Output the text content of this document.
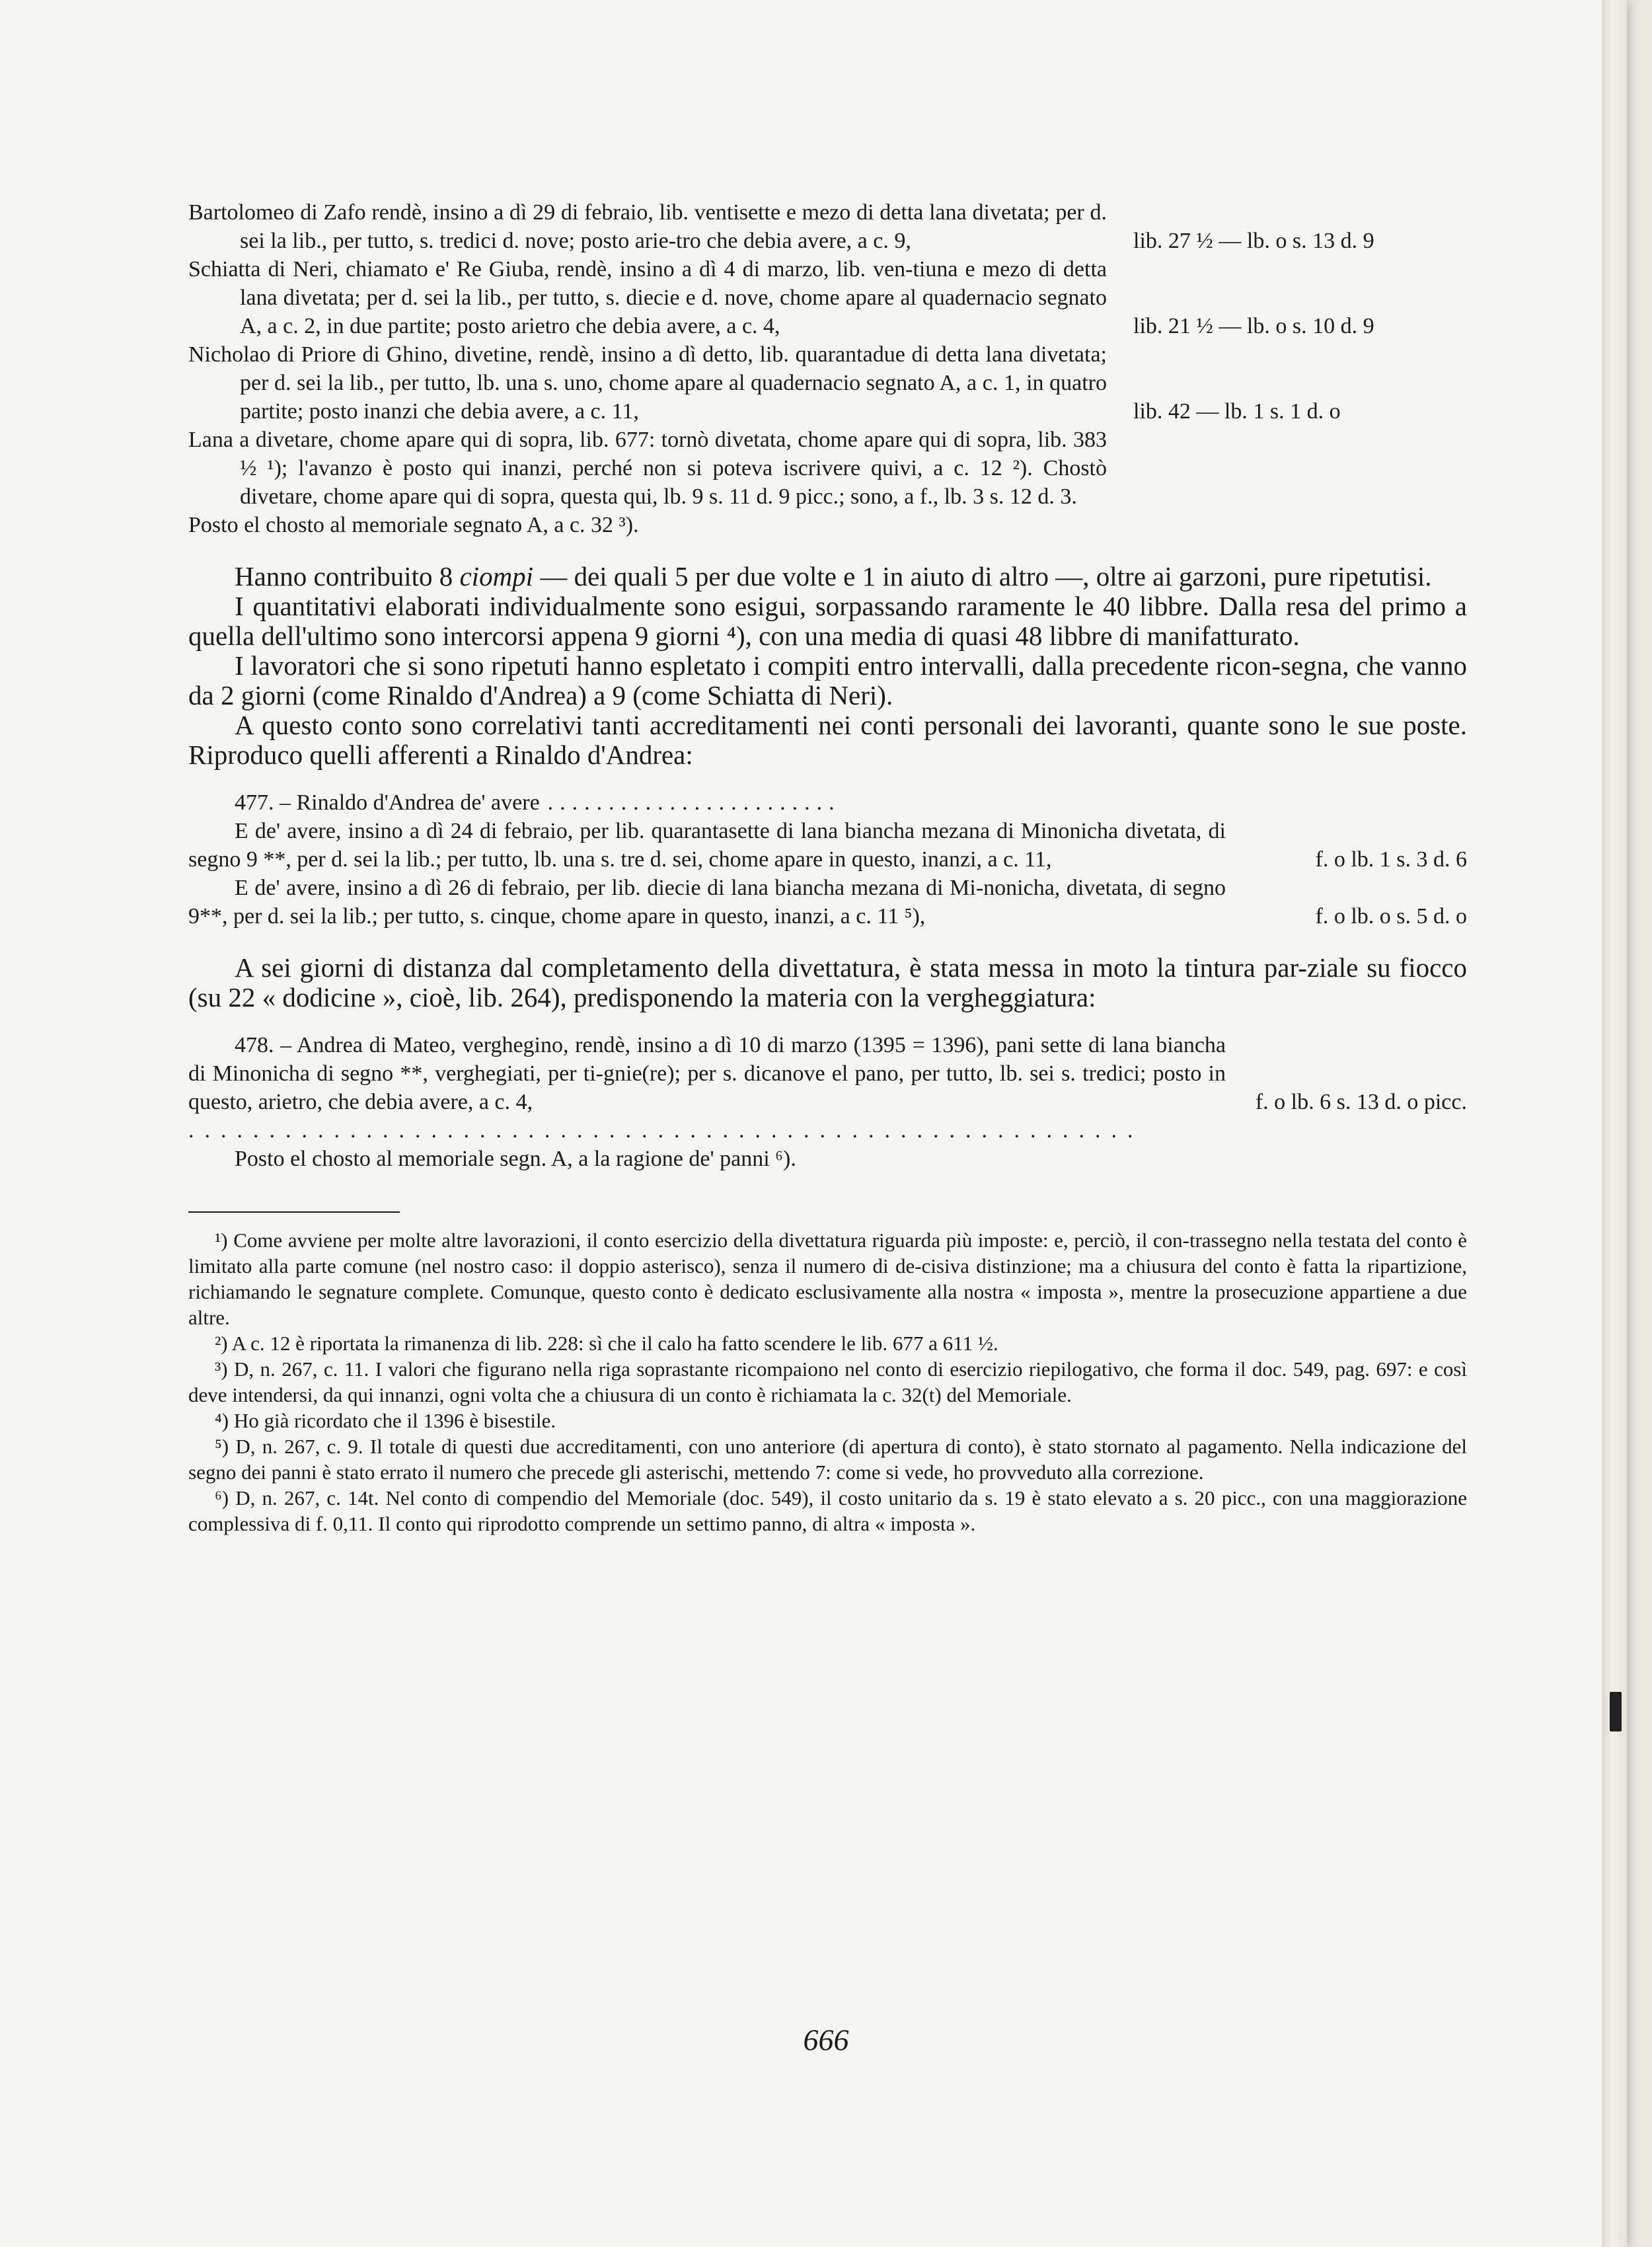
Bartolomeo di Zafo rendè, insino a dì 29 di febraio, lib. ventisette e mezo di detta lana divetata; per d. sei la lib., per tutto, s. tredici d. nove; posto arie-tro che debia avere, a c. 9,	lib. 27 ½ — lb. o s. 13 d. 9
Schiatta di Neri, chiamato e' Re Giuba, rendè, insino a dì 4 di marzo, lib. ven-tiuna e mezo di detta lana divetata; per d. sei la lib., per tutto, s. diecie e d. nove, chome apare al quadernacio segnato A, a c. 2, in due partite; posto arietro che debia avere, a c. 4,	lib. 21 ½ — lb. o s. 10 d. 9
Nicholao di Priore di Ghino, divetine, rendè, insino a dì detto, lib. quarantadue di detta lana divetata; per d. sei la lib., per tutto, lb. una s. uno, chome apare al quadernacio segnato A, a c. 1, in quatro partite; posto inanzi che debia avere, a c. 11,	lib. 42 — lb. 1 s. 1 d. o
Lana a divetare, chome apare qui di sopra, lib. 677: tornò divetata, chome apare qui di sopra, lib. 383 ½ ¹); l'avanzo è posto qui inanzi, perché non si poteva iscrivere quivi, a c. 12 ²). Chostò divetare, chome apare qui di sopra, questa qui, lb. 9 s. 11 d. 9 picc.; sono, a f., lb. 3 s. 12 d. 3.
Posto el chosto al memoriale segnato A, a c. 32 ³).

Hanno contribuito 8 ciompi — dei quali 5 per due volte e 1 in aiuto di altro —, oltre ai garzoni, pure ripetutisi.

I quantitativi elaborati individualmente sono esigui, sorpassando raramente le 40 libbre. Dalla resa del primo a quella dell'ultimo sono intercorsi appena 9 giorni ⁴), con una media di quasi 48 libbre di manifatturato.

I lavoratori che si sono ripetuti hanno espletato i compiti entro intervalli, dalla precedente ricon-segna, che vanno da 2 giorni (come Rinaldo d'Andrea) a 9 (come Schiatta di Neri).

A questo conto sono correlativi tanti accreditamenti nei conti personali dei lavoranti, quante sono le sue poste. Riproduco quelli afferenti a Rinaldo d'Andrea:

477. – Rinaldo d'Andrea de' avere ........................
E de' avere, insino a dì 24 di febraio, per lib. quarantasette di lana biancha mezana di Minonicha divetata, di segno 9 **, per d. sei la lib.; per tutto, lb. una s. tre d. sei, chome apare in questo, inanzi, a c. 11,	f. o lb. 1 s. 3 d. 6
E de' avere, insino a dì 26 di febraio, per lib. diecie di lana biancha mezana di Mi-nonicha, divetata, di segno 9**, per d. sei la lib.; per tutto, s. cinque, chome apare in questo, inanzi, a c. 11 ⁵),	f. o lb. o s. 5 d. o

A sei giorni di distanza dal completamento della divettatura, è stata messa in moto la tintura par-ziale su fiocco (su 22 « dodicine », cioè, lib. 264), predisponendo la materia con la vergheggiatura:

478. – Andrea di Mateo, verghegino, rendè, insino a dì 10 di marzo (1395 = 1396), pani sette di lana biancha di Minonicha di segno **, verghegiati, per ti-gnie(re); per s. dicanove el pano, per tutto, lb. sei s. tredici; posto in questo, arietro, che debia avere, a c. 4,	f. o lb. 6 s. 13 d. o picc.
...........................................................
Posto el chosto al memoriale segn. A, a la ragione de' panni ⁶).

¹) Come avviene per molte altre lavorazioni, il conto esercizio della divettatura riguarda più imposte: e, perciò, il con-trassegno nella testata del conto è limitato alla parte comune (nel nostro caso: il doppio asterisco), senza il numero di de-cisiva distinzione; ma a chiusura del conto è fatta la ripartizione, richiamando le segnature complete. Comunque, questo conto è dedicato esclusivamente alla nostra « imposta », mentre la prosecuzione appartiene a due altre.

²) A c. 12 è riportata la rimanenza di lib. 228: sì che il calo ha fatto scendere le lib. 677 a 611 ½.

³) D, n. 267, c. 11. I valori che figurano nella riga soprastante ricompaiono nel conto di esercizio riepilogativo, che forma il doc. 549, pag. 697: e così deve intendersi, da qui innanzi, ogni volta che a chiusura di un conto è richiamata la c. 32(t) del Memoriale.

⁴) Ho già ricordato che il 1396 è bisestile.

⁵) D, n. 267, c. 9. Il totale di questi due accreditamenti, con uno anteriore (di apertura di conto), è stato stornato al pagamento. Nella indicazione del segno dei panni è stato errato il numero che precede gli asterischi, mettendo 7: come si vede, ho provveduto alla correzione.

⁶) D, n. 267, c. 14t. Nel conto di compendio del Memoriale (doc. 549), il costo unitario da s. 19 è stato elevato a s. 20 picc., con una maggiorazione complessiva di f. 0,11. Il conto qui riprodotto comprende un settimo panno, di altra « imposta ».

666
